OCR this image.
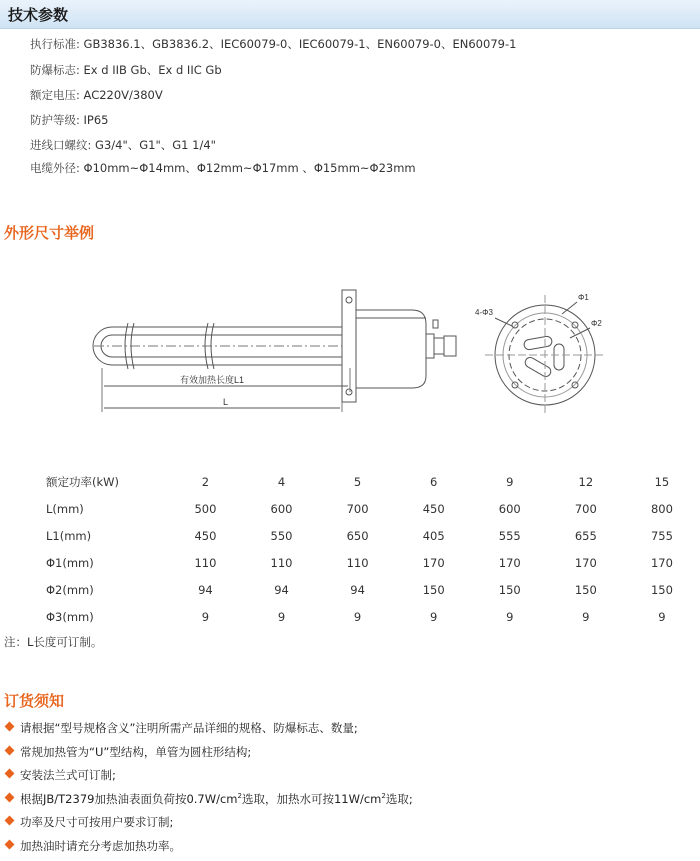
技术参数
执行标准: GB3836.1、GB3836.2、IEC60079-0、IEC60079-1、EN60079-0、EN60079-1
防爆标志: Ex d IIB Gb、Ex d IIC Gb
额定电压: AC220V/380V
防护等级: IP65
进线口螺纹: G3/4"、G1"、G1 1/4"
电缆外径: Φ10mm~Φ14mm、Φ12mm~Φ17mm 、Φ15mm~Φ23mm
外形尺寸举例
有效加热长度L1
L
4-Φ3
Φ1
Φ2
额定功率(kW)	2	4	5	6	9	12	15
L(mm)	500	600	700	450	600	700	800
L1(mm)	450	550	650	405	555	655	755
Φ1(mm)	110	110	110	170	170	170	170
Φ2(mm)	94	94	94	150	150	150	150
Φ3(mm)	9	9	9	9	9	9	9
注：L长度可订制。
订货须知
请根据“型号规格含义”注明所需产品详细的规格、防爆标志、数量;
常规加热管为“U”型结构，单管为圆柱形结构;
安装法兰式可订制;
根据JB/T2379加热油表面负荷按$0.7W/cm^2$选取，加热水可按$11W/cm^2$选取;
功率及尺寸可按用户要求订制;
加热油时请充分考虑加热功率。
